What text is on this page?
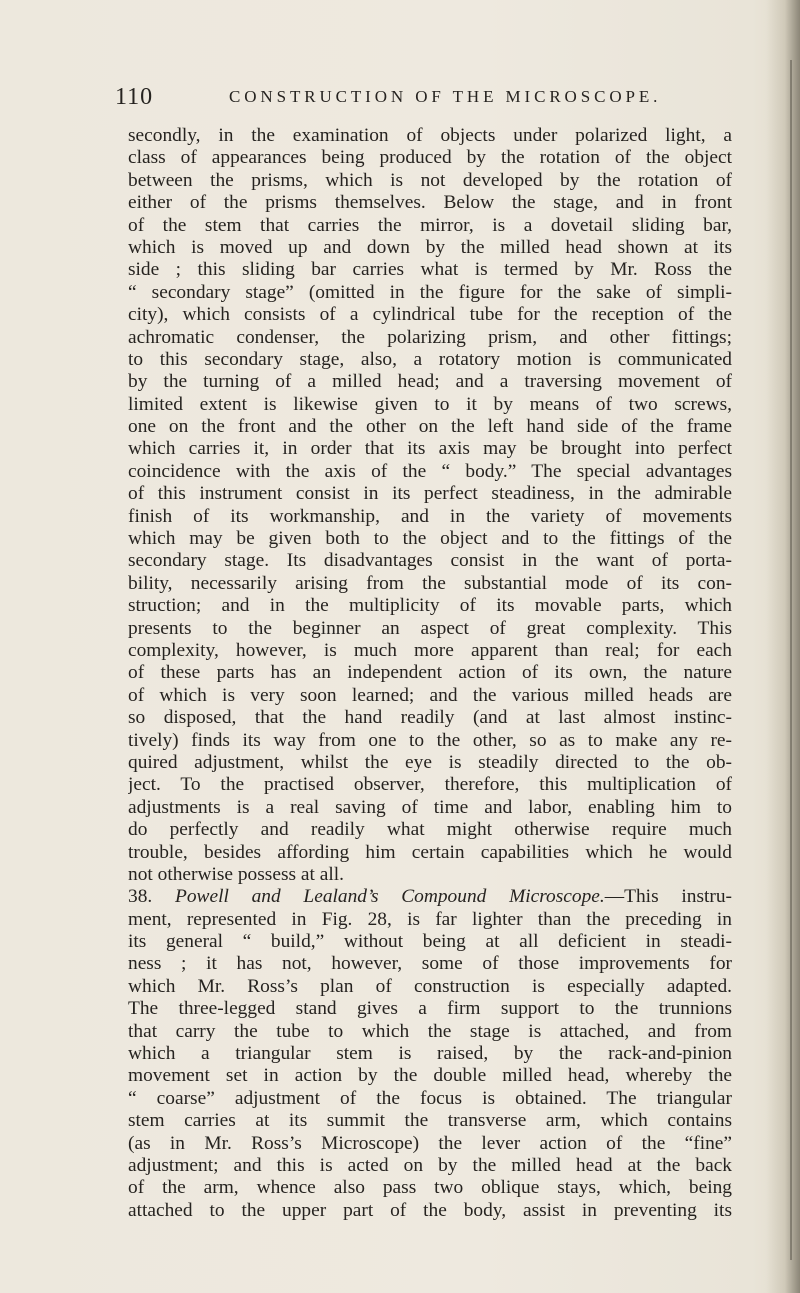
110	CONSTRUCTION OF THE MICROSCOPE.
secondly, in the examination of objects under polarized light, a
class of appearances being produced by the rotation of the object
between the prisms, which is not developed by the rotation of
either of the prisms themselves. Below the stage, and in front
of the stem that carries the mirror, is a dovetail sliding bar,
which is moved up and down by the milled head shown at its
side ; this sliding bar carries what is termed by Mr. Ross the
“ secondary stage” (omitted in the figure for the sake of simpli-
city), which consists of a cylindrical tube for the reception of the
achromatic condenser, the polarizing prism, and other fittings;
to this secondary stage, also, a rotatory motion is communicated
by the turning of a milled head; and a traversing movement of
limited extent is likewise given to it by means of two screws,
one on the front and the other on the left hand side of the frame
which carries it, in order that its axis may be brought into perfect
coincidence with the axis of the “ body.” The special advantages
of this instrument consist in its perfect steadiness, in the admirable
finish of its workmanship, and in the variety of movements
which may be given both to the object and to the fittings of the
secondary stage. Its disadvantages consist in the want of porta-
bility, necessarily arising from the substantial mode of its con-
struction; and in the multiplicity of its movable parts, which
presents to the beginner an aspect of great complexity. This
complexity, however, is much more apparent than real; for each
of these parts has an independent action of its own, the nature
of which is very soon learned; and the various milled heads are
so disposed, that the hand readily (and at last almost instinc-
tively) finds its way from one to the other, so as to make any re-
quired adjustment, whilst the eye is steadily directed to the ob-
ject. To the practised observer, therefore, this multiplication of
adjustments is a real saving of time and labor, enabling him to
do perfectly and readily what might otherwise require much
trouble, besides affording him certain capabilities which he would
not otherwise possess at all.
38. Powell and Lealand’s Compound Microscope.—This instru-
ment, represented in Fig. 28, is far lighter than the preceding in
its general “ build,” without being at all deficient in steadi-
ness ; it has not, however, some of those improvements for
which Mr. Ross’s plan of construction is especially adapted.
The three-legged stand gives a firm support to the trunnions
that carry the tube to which the stage is attached, and from
which a triangular stem is raised, by the rack-and-pinion
movement set in action by the double milled head, whereby the
“ coarse” adjustment of the focus is obtained. The triangular
stem carries at its summit the transverse arm, which contains
(as in Mr. Ross’s Microscope) the lever action of the “fine”
adjustment; and this is acted on by the milled head at the back
of the arm, whence also pass two oblique stays, which, being
attached to the upper part of the body, assist in preventing its
